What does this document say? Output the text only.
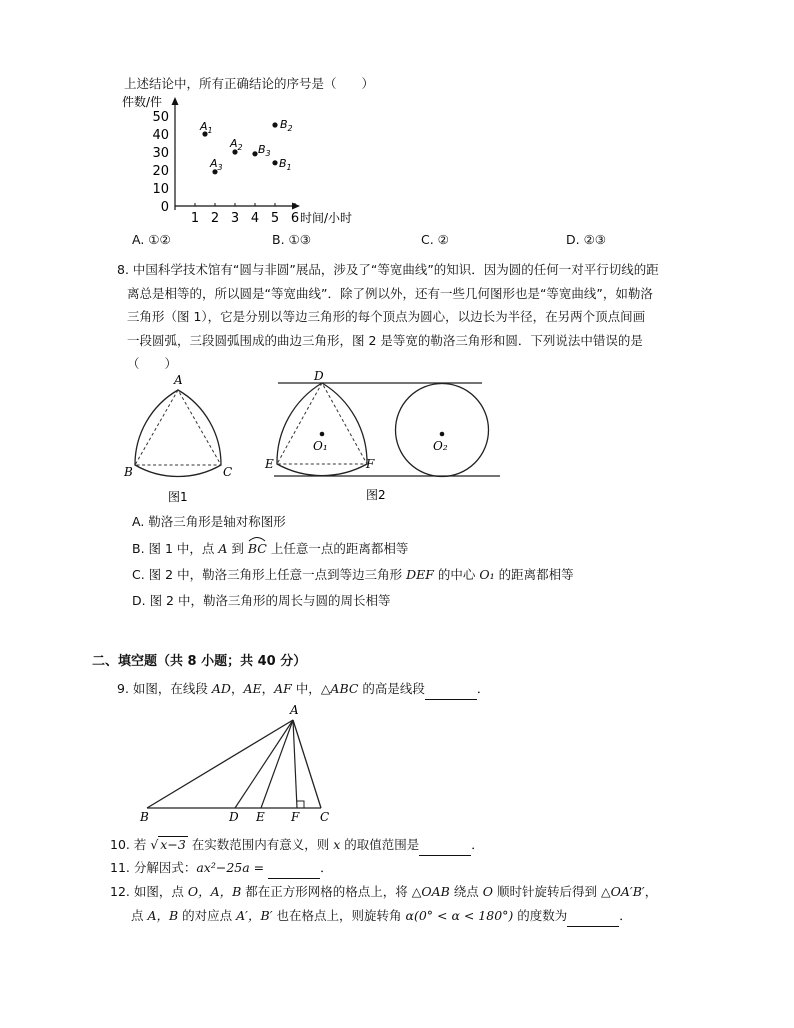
上述结论中，所有正确结论的序号是（　　）
件数/件
0
10
20
30
40
50
1 2 3 4 5 6 时间/小时
$A_1$
$A_2$
$A_3$	$B_1$
$B_2$
$B_3$
A. ①②	B. ①③	C. ②	D. ②③
8. 中国科学技术馆有“圆与非圆”展品，涉及了“等宽曲线”的知识．因为圆的任何一对平行切线的距
离总是相等的，所以圆是“等宽曲线”．除了例以外，还有一些几何图形也是“等宽曲线”，如勒洛
三角形（图 1），它是分别以等边三角形的每个顶点为圆心，以边长为半径，在另两个顶点间画
一段圆弧，三段圆弧围成的曲边三角形，图 2 是等宽的勒洛三角形和圆．下列说法中错误的是
（　　）
A
B	C
图1
D
E	F
O₁	O₂
图2
A. 勒洛三角形是轴对称图形
B. 图 1 中，点 A 到
BC 上任意一点的距离都相等
C. 图 2 中，勒洛三角形上任意一点到等边三角形 DEF 的中心 O₁ 的距离都相等
D. 图 2 中，勒洛三角形的周长与圆的周长相等
二、填空题（共 8 小题；共 40 分）
9. 如图，在线段 AD，AE，AF 中，△ABC 的高是线段	．
A
B	D E F C
10. 若 √ x−3 在实数范围内有意义，则 x 的取值范围是	．
11. 分解因式：ax²−25a =	．
12. 如图，点 O，A，B 都在正方形网格的格点上，将 △OAB 绕点 O 顺时针旋转后得到 △OA′B′，
点 A，B 的对应点 A′，B′ 也在格点上，则旋转角 α(0° < α < 180°) 的度数为	．
